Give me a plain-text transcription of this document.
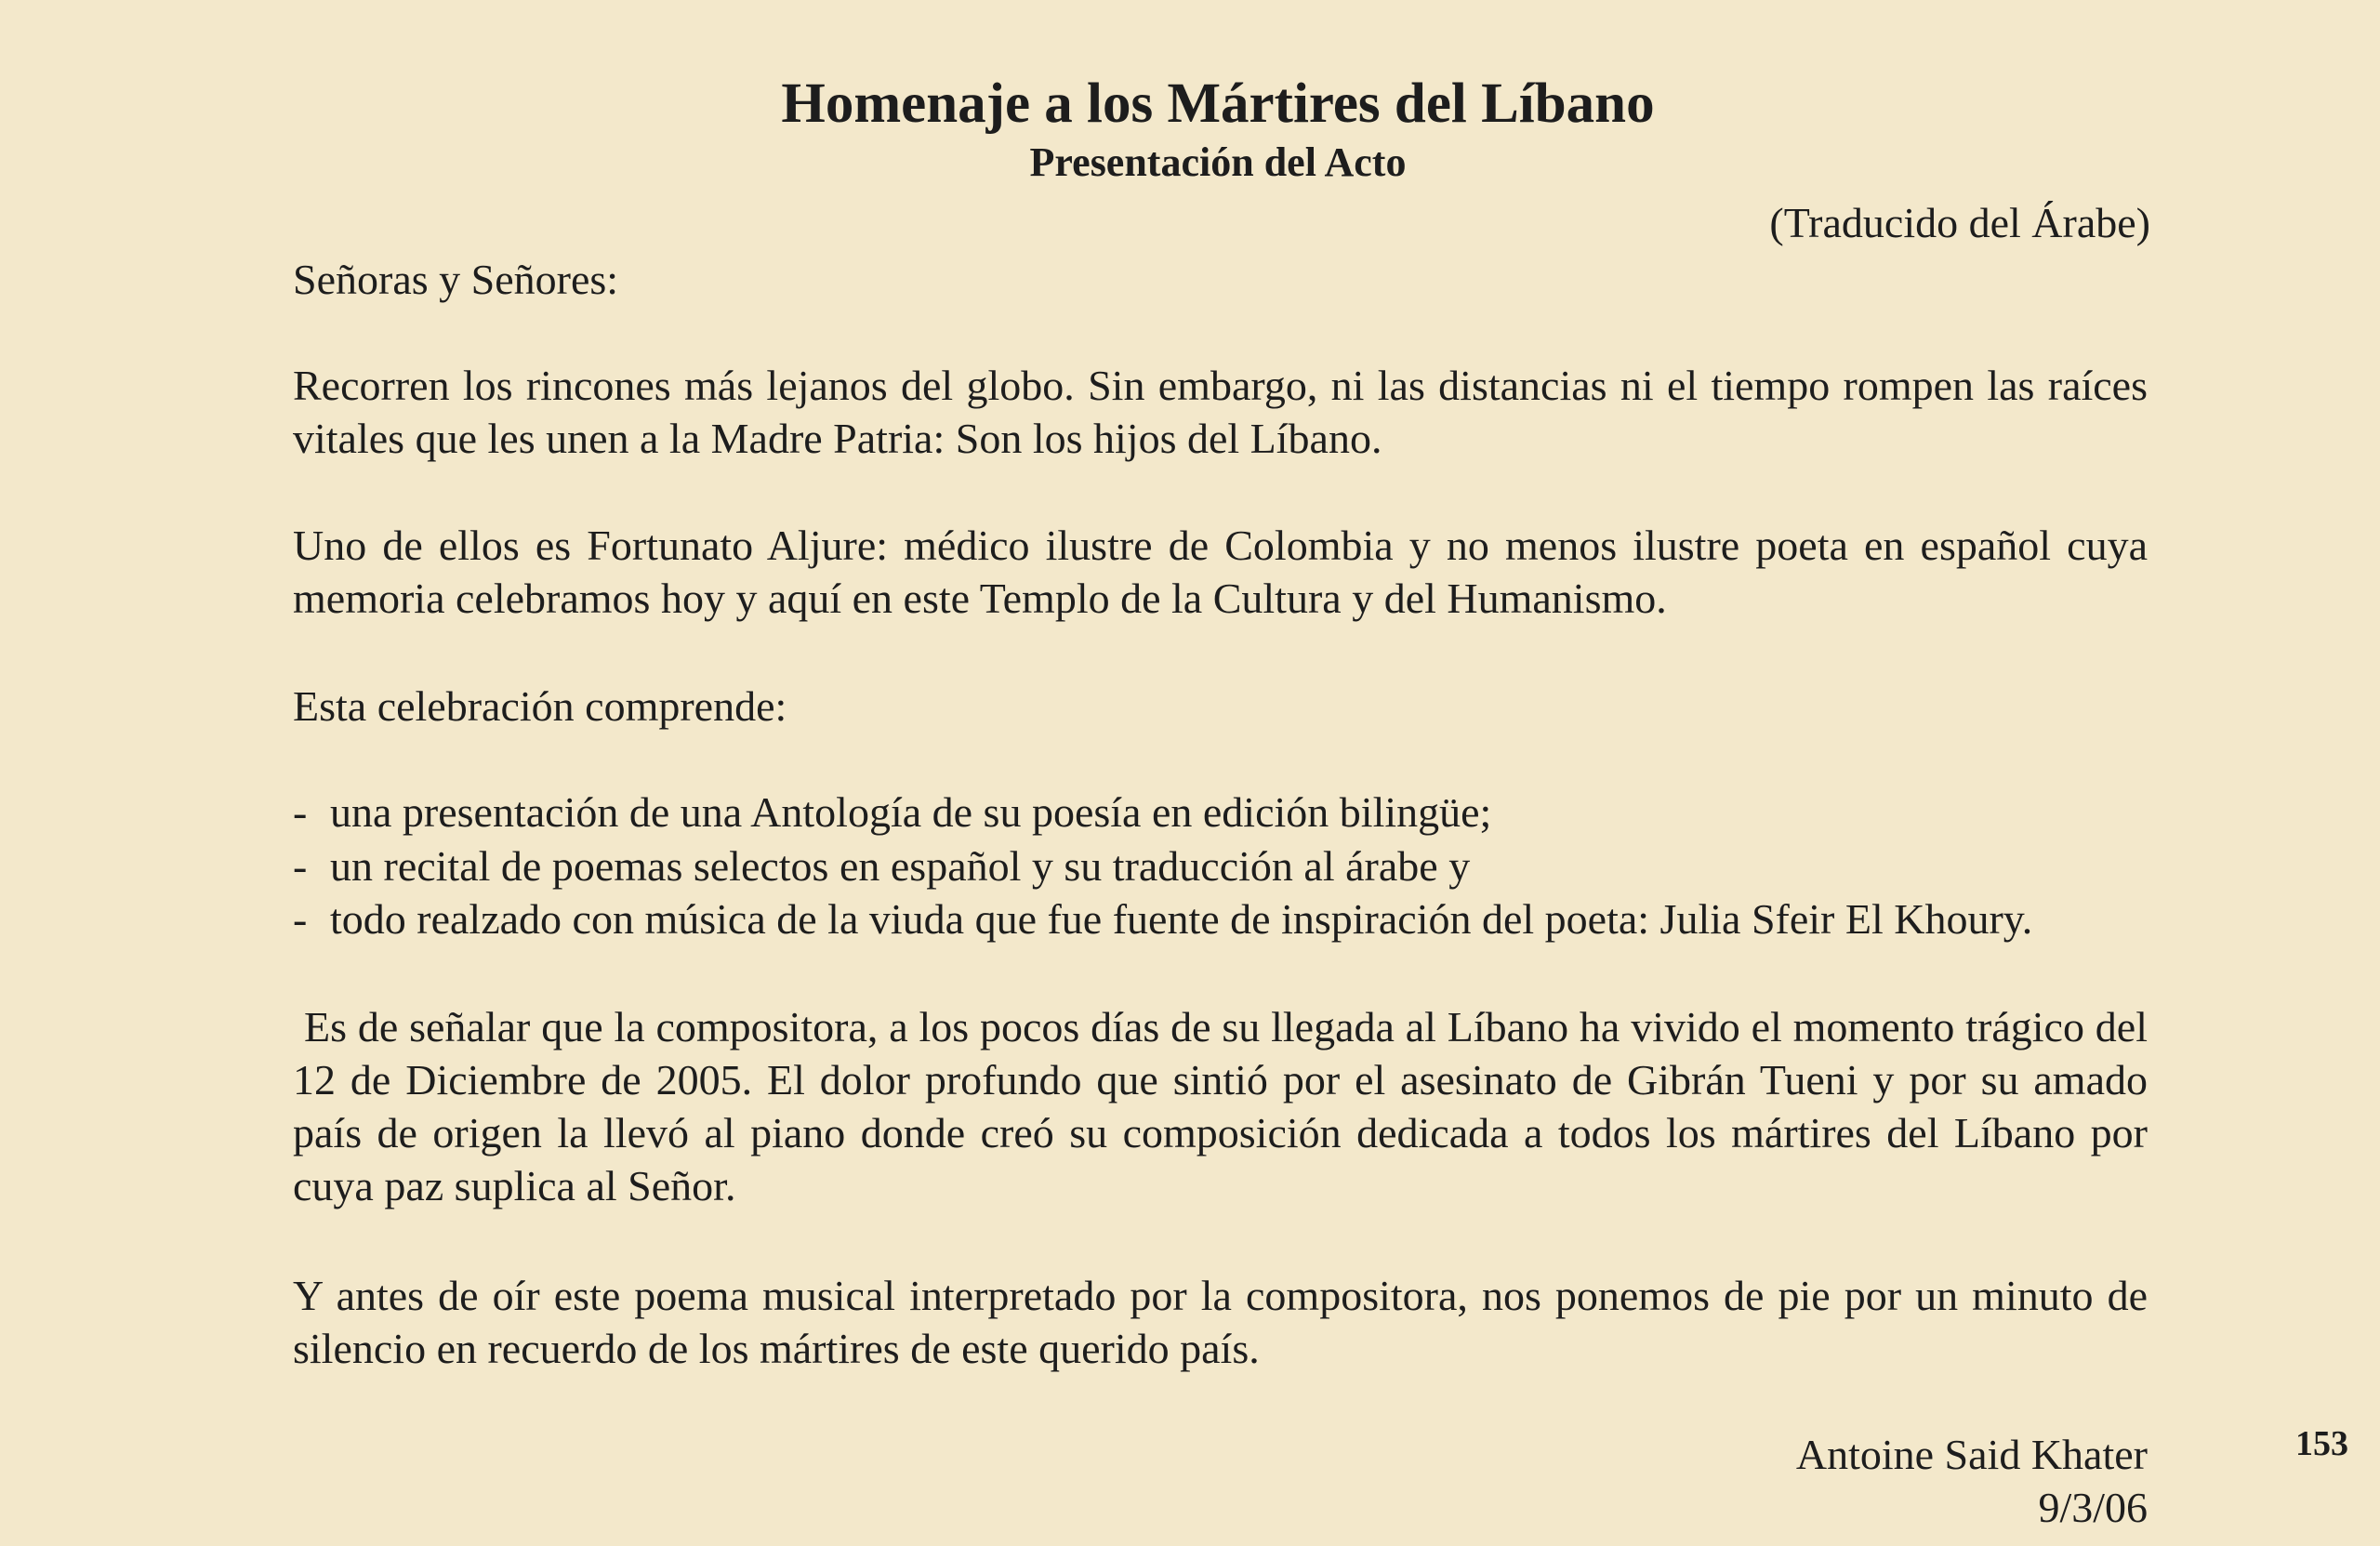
Homenaje a los Mártires del Líbano
Presentación del Acto
(Traducido del Árabe)
Señoras y Señores:
Recorren los rincones más lejanos del globo. Sin embargo, ni las distancias ni el tiempo rompen las raíces vitales que les unen a la Madre Patria: Son los hijos del Líbano.
Uno de ellos es Fortunato Aljure: médico ilustre de Colombia y no menos ilustre poeta en español cuya memoria celebramos hoy y aquí en este Templo de la Cultura y del Humanismo.
Esta celebración comprende:
- una presentación de una Antología de su poesía en edición bilingüe;
- un recital de poemas selectos en español y su traducción al árabe y
- todo realzado con música de la viuda que fue fuente de inspiración del poeta: Julia Sfeir El Khoury.
Es de señalar que la compositora, a los pocos días de su llegada al Líbano ha vivido el momento trágico del 12 de Diciembre de 2005. El dolor profundo que sintió por el asesinato de Gibrán Tueni y por su amado país de origen la llevó al piano donde creó su composición dedicada a todos los mártires del Líbano por cuya paz suplica al Señor.
Y antes de oír este poema musical interpretado por la compositora, nos ponemos de pie por un minuto de silencio en recuerdo de los mártires de este querido país.
Antoine Said Khater
9/3/06
153
